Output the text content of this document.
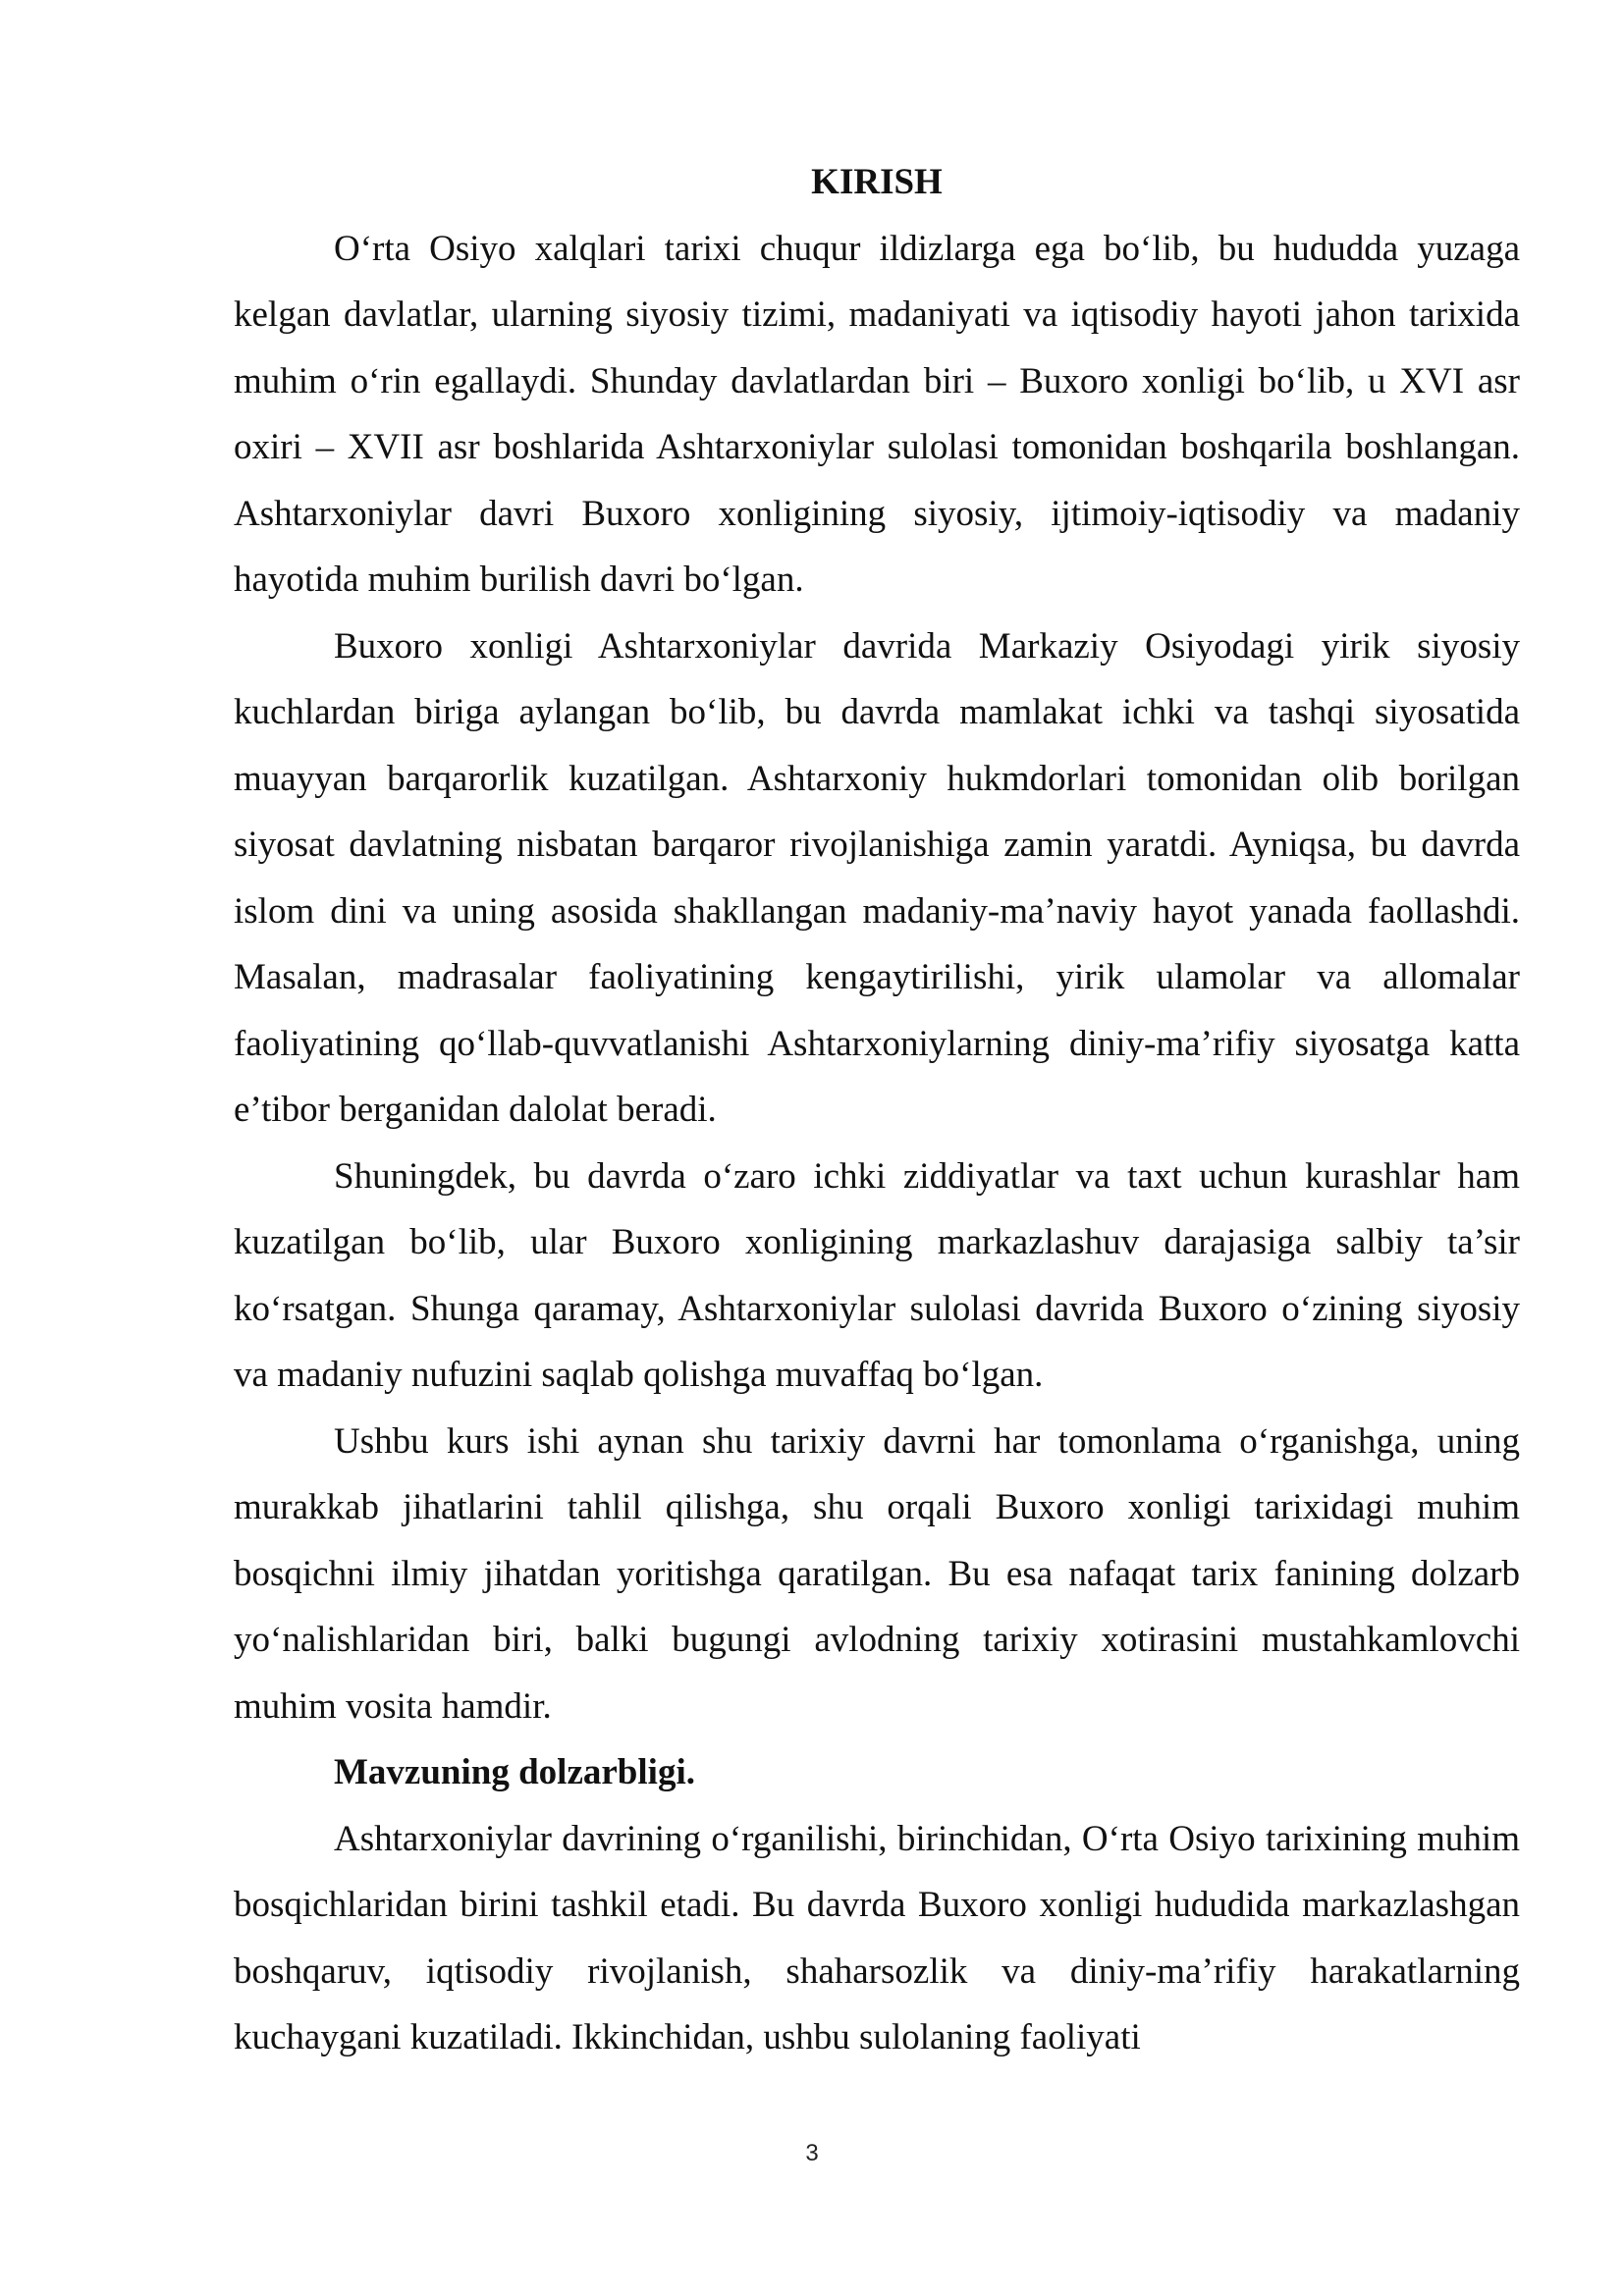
KIRISH

O‘rta Osiyo xalqlari tarixi chuqur ildizlarga ega bo‘lib, bu hududda yuzaga kelgan davlatlar, ularning siyosiy tizimi, madaniyati va iqtisodiy hayoti jahon tarixida muhim o‘rin egallaydi. Shunday davlatlardan biri – Buxoro xonligi bo‘lib, u XVI asr oxiri – XVII asr boshlarida Ashtarxoniylar sulolasi tomonidan boshqarila boshlangan. Ashtarxoniylar davri Buxoro xonligining siyosiy, ijtimoiy-iqtisodiy va madaniy hayotida muhim burilish davri bo‘lgan.

Buxoro xonligi Ashtarxoniylar davrida Markaziy Osiyodagi yirik siyosiy kuchlardan biriga aylangan bo‘lib, bu davrda mamlakat ichki va tashqi siyosatida muayyan barqarorlik kuzatilgan. Ashtarxoniy hukmdorlari tomonidan olib borilgan siyosat davlatning nisbatan barqaror rivojlanishiga zamin yaratdi. Ayniqsa, bu davrda islom dini va uning asosida shakllangan madaniy-ma’naviy hayot yanada faollashdi. Masalan, madrasalar faoliyatining kengaytirilishi, yirik ulamolar va allomalar faoliyatining qo‘llab-quvvatlanishi Ashtarxoniylarning diniy-ma’rifiy siyosatga katta e’tibor berganidan dalolat beradi.

Shuningdek, bu davrda o‘zaro ichki ziddiyatlar va taxt uchun kurashlar ham kuzatilgan bo‘lib, ular Buxoro xonligining markazlashuv darajasiga salbiy ta’sir ko‘rsatgan. Shunga qaramay, Ashtarxoniylar sulolasi davrida Buxoro o‘zining siyosiy va madaniy nufuzini saqlab qolishga muvaffaq bo‘lgan.

Ushbu kurs ishi aynan shu tarixiy davrni har tomonlama o‘rganishga, uning murakkab jihatlarini tahlil qilishga, shu orqali Buxoro xonligi tarixidagi muhim bosqichni ilmiy jihatdan yoritishga qaratilgan. Bu esa nafaqat tarix fanining dolzarb yo‘nalishlaridan biri, balki bugungi avlodning tarixiy xotirasini mustahkamlovchi muhim vosita hamdir.

Mavzuning dolzarbligi.

Ashtarxoniylar davrining o‘rganilishi, birinchidan, O‘rta Osiyo tarixining muhim bosqichlaridan birini tashkil etadi. Bu davrda Buxoro xonligi hududida markazlashgan boshqaruv, iqtisodiy rivojlanish, shaharsozlik va diniy-ma’rifiy harakatlarning kuchaygani kuzatiladi. Ikkinchidan, ushbu sulolaning faoliyati

3
